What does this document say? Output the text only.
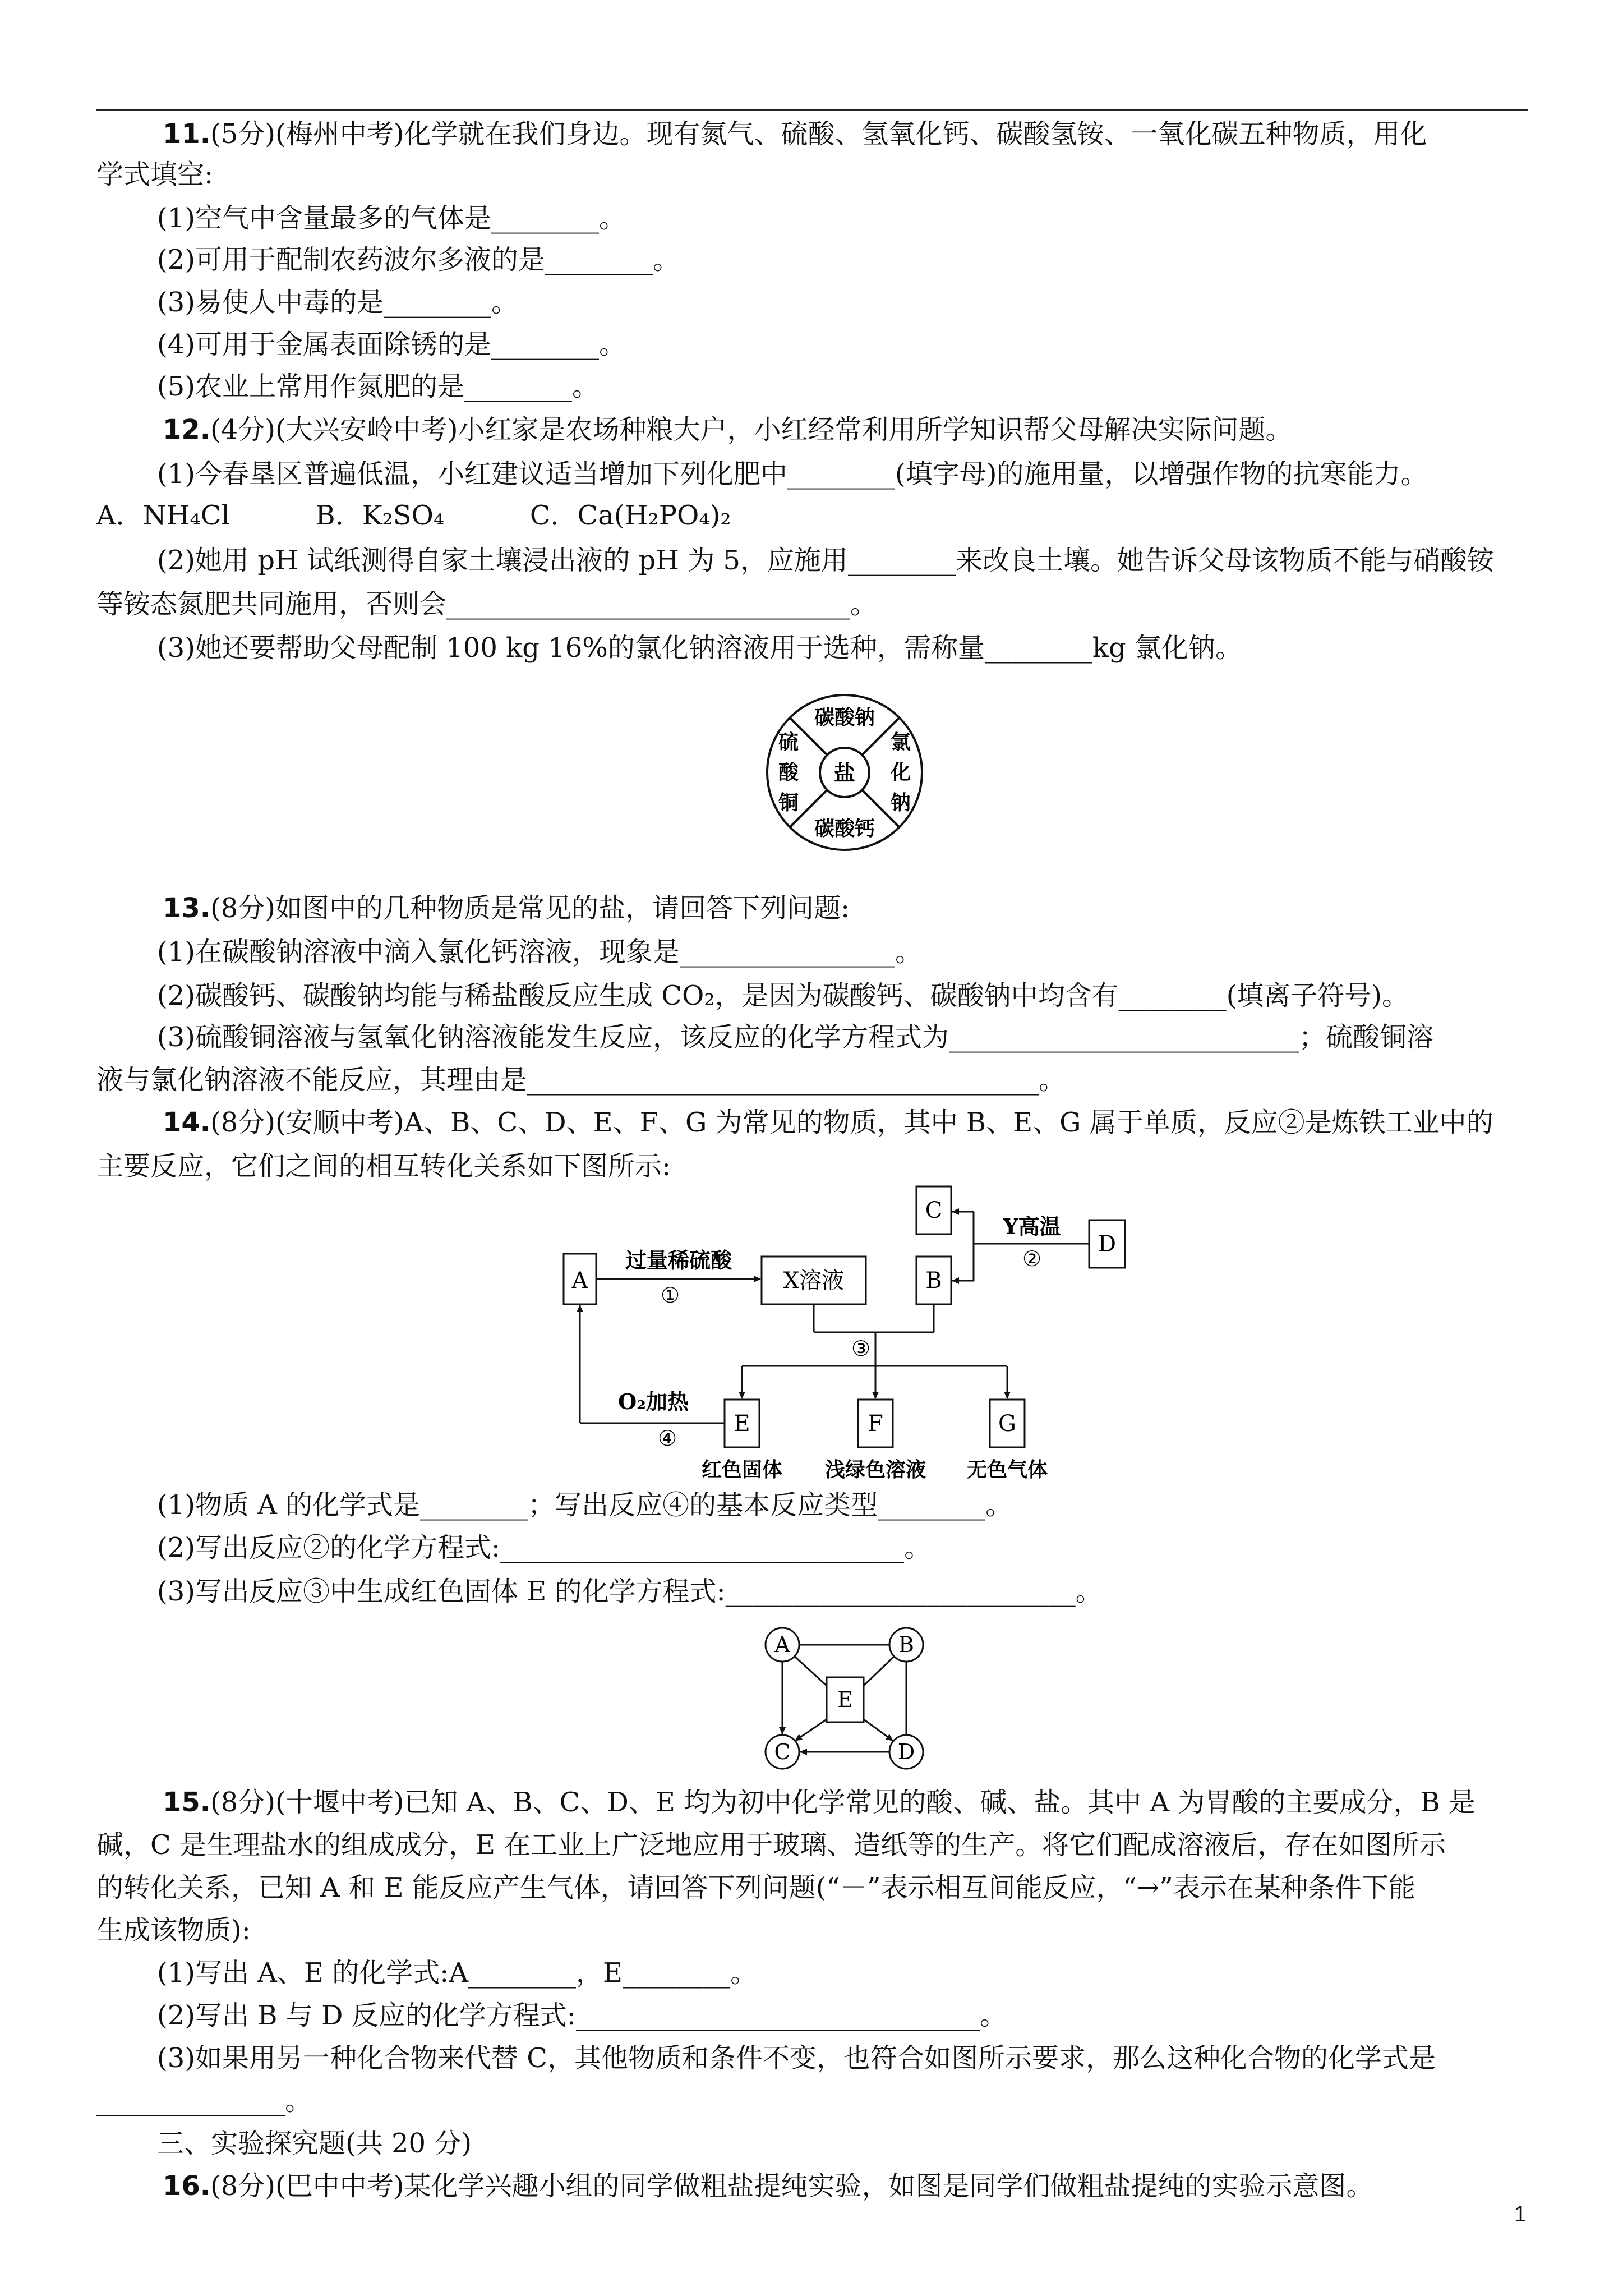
11.(5分)(梅州中考)化学就在我们身边。现有氮气、硫酸、氢氧化钙、碳酸氢铵、一氧化碳五种物质，用化
学式填空:
(1)空气中含量最多的气体是________。
(2)可用于配制农药波尔多液的是________。
(3)易使人中毒的是________。
(4)可用于金属表面除锈的是________。
(5)农业上常用作氮肥的是________。
12.(4分)(大兴安岭中考)小红家是农场种粮大户，小红经常利用所学知识帮父母解决实际问题。
(1)今春垦区普遍低温，小红建议适当增加下列化肥中________(填字母)的施用量，以增强作物的抗寒能力。
A．NH₄Cl          B．K₂SO₄          C．Ca(H₂PO₄)₂
(2)她用 pH 试纸测得自家土壤浸出液的 pH 为 5，应施用________来改良土壤。她告诉父母该物质不能与硝酸铵
等铵态氮肥共同施用，否则会______________________________。
(3)她还要帮助父母配制 100 kg 16%的氯化钠溶液用于选种，需称量________kg 氯化钠。
盐
碳酸钠
碳酸钙
硫
酸
铜
氯
化
钠
13.(8分)如图中的几种物质是常见的盐，请回答下列问题:
(1)在碳酸钠溶液中滴入氯化钙溶液，现象是________________。
(2)碳酸钙、碳酸钠均能与稀盐酸反应生成 CO₂，是因为碳酸钙、碳酸钠中均含有________(填离子符号)。
(3)硫酸铜溶液与氢氧化钠溶液能发生反应，该反应的化学方程式为__________________________；硫酸铜溶
液与氯化钠溶液不能反应，其理由是______________________________________。
14.(8分)(安顺中考)A、B、C、D、E、F、G 为常见的物质，其中 B、E、G 属于单质，反应②是炼铁工业中的
主要反应，它们之间的相互转化关系如下图所示:
A	X溶液	B
C
D
E	F	G
过量稀硫酸
①
Y高温
②
③
O₂加热
④
红色固体 浅绿色溶液 无色气体
(1)物质 A 的化学式是________；写出反应④的基本反应类型________。
(2)写出反应②的化学方程式:______________________________。
(3)写出反应③中生成红色固体 E 的化学方程式:__________________________。
A	B
C	D
E
15.(8分)(十堰中考)已知 A、B、C、D、E 均为初中化学常见的酸、碱、盐。其中 A 为胃酸的主要成分，B 是
碱，C 是生理盐水的组成成分，E 在工业上广泛地应用于玻璃、造纸等的生产。将它们配成溶液后，存在如图所示
的转化关系，已知 A 和 E 能反应产生气体，请回答下列问题(“－”表示相互间能反应，“→”表示在某种条件下能
生成该物质):
(1)写出 A、E 的化学式:A________，E________。
(2)写出 B 与 D 反应的化学方程式:______________________________。
(3)如果用另一种化合物来代替 C，其他物质和条件不变，也符合如图所示要求，那么这种化合物的化学式是
______________。
三、实验探究题(共 20 分)
16.(8分)(巴中中考)某化学兴趣小组的同学做粗盐提纯实验，如图是同学们做粗盐提纯的实验示意图。
1
